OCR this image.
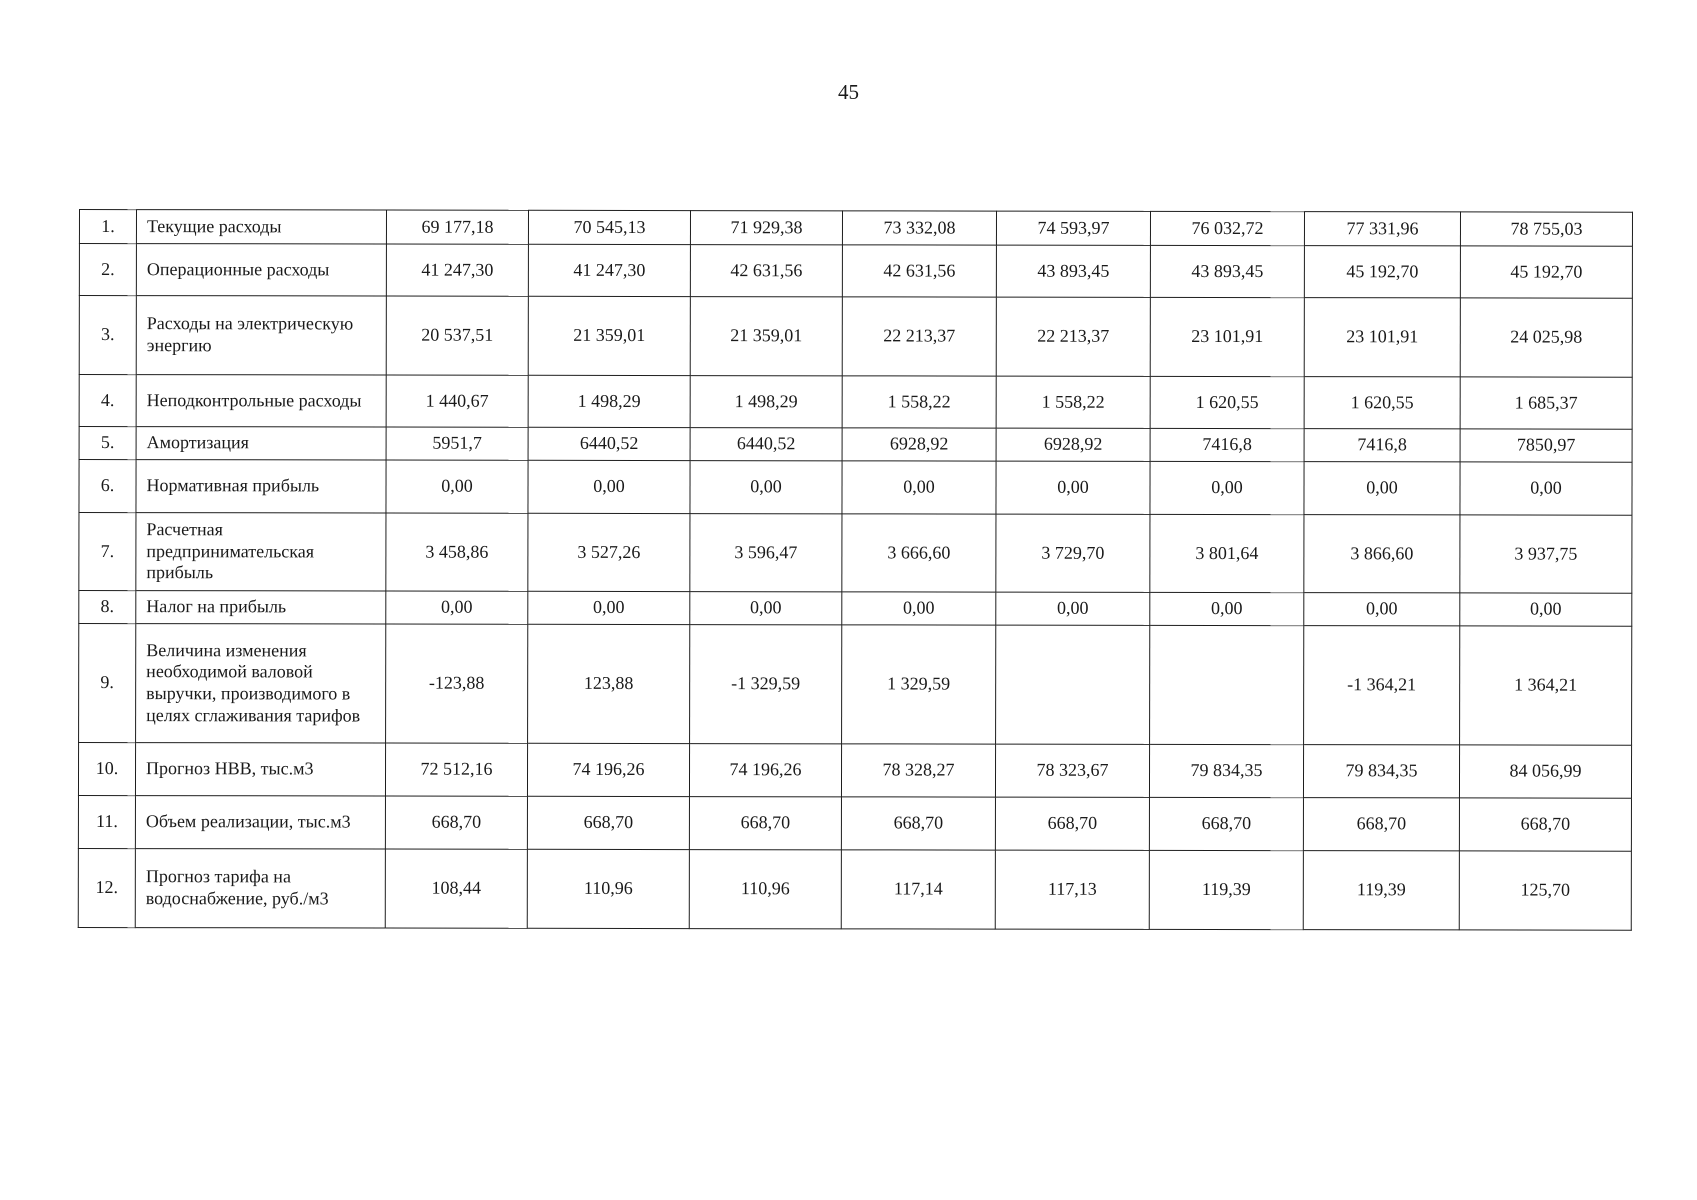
45
1.	Текущие расходы	69 177,18	70 545,13	71 929,38	73 332,08	74 593,97	76 032,72	77 331,96	78 755,03
2.	Операционные расходы	41 247,30	41 247,30	42 631,56	42 631,56	43 893,45	43 893,45	45 192,70	45 192,70
3.	Расходы на электрическую энергию	20 537,51	21 359,01	21 359,01	22 213,37	22 213,37	23 101,91	23 101,91	24 025,98
4.	Неподконтрольные расходы	1 440,67	1 498,29	1 498,29	1 558,22	1 558,22	1 620,55	1 620,55	1 685,37
5.	Амортизация	5951,7	6440,52	6440,52	6928,92	6928,92	7416,8	7416,8	7850,97
6.	Нормативная прибыль	0,00	0,00	0,00	0,00	0,00	0,00	0,00	0,00
7.	Расчетная предпринимательская прибыль	3 458,86	3 527,26	3 596,47	3 666,60	3 729,70	3 801,64	3 866,60	3 937,75
8.	Налог на прибыль	0,00	0,00	0,00	0,00	0,00	0,00	0,00	0,00
9.	Величина изменения необходимой валовой выручки, производимого в целях сглаживания тарифов	-123,88	123,88	-1 329,59	1 329,59			-1 364,21	1 364,21
10.	Прогноз НВВ, тыс.м3	72 512,16	74 196,26	74 196,26	78 328,27	78 323,67	79 834,35	79 834,35	84 056,99
11.	Объем реализации, тыс.м3	668,70	668,70	668,70	668,70	668,70	668,70	668,70	668,70
12.	Прогноз тарифа на водоснабжение, руб./м3	108,44	110,96	110,96	117,14	117,13	119,39	119,39	125,70
